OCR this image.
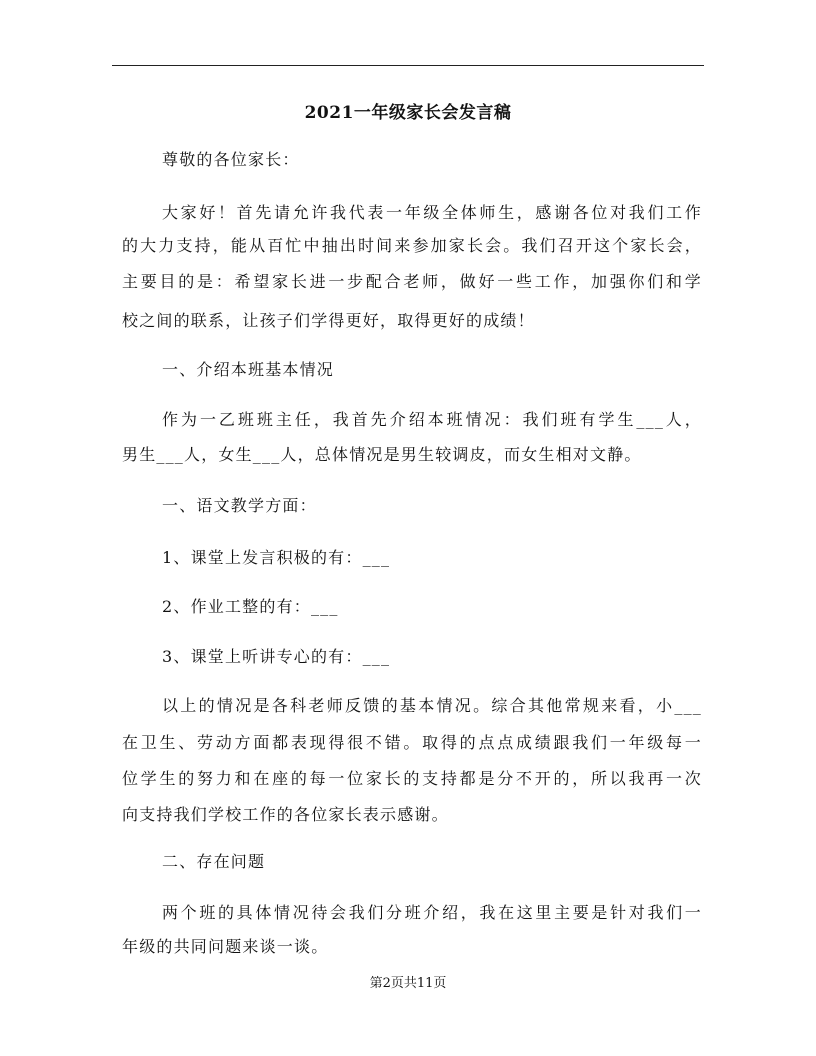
2021一年级家长会发言稿
尊敬的各位家长：
大家好！首先请允许我代表一年级全体师生，感谢各位对我们工作
的大力支持，能从百忙中抽出时间来参加家长会。我们召开这个家长会，
主要目的是：希望家长进一步配合老师，做好一些工作，加强你们和学
校之间的联系，让孩子们学得更好，取得更好的成绩！
一、介绍本班基本情况
作为一乙班班主任，我首先介绍本班情况：我们班有学生___人，
男生___人，女生___人，总体情况是男生较调皮，而女生相对文静。
一、语文教学方面：
1、课堂上发言积极的有：___
2、作业工整的有：___
3、课堂上听讲专心的有：___
以上的情况是各科老师反馈的基本情况。综合其他常规来看，小___
在卫生、劳动方面都表现得很不错。取得的点点成绩跟我们一年级每一
位学生的努力和在座的每一位家长的支持都是分不开的，所以我再一次
向支持我们学校工作的各位家长表示感谢。
二、存在问题
两个班的具体情况待会我们分班介绍，我在这里主要是针对我们一
年级的共同问题来谈一谈。
第2页共11页
